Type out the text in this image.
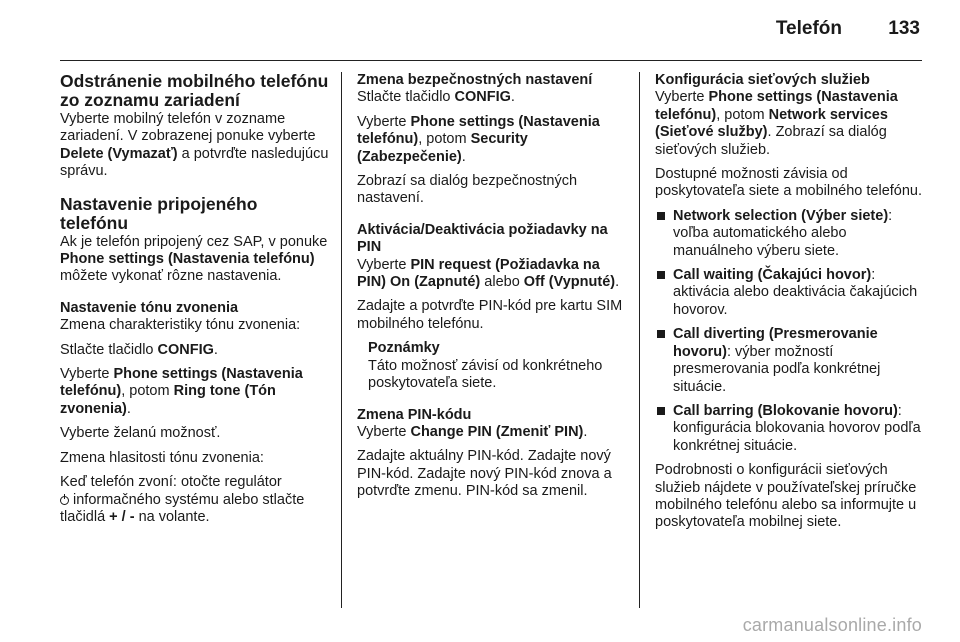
Telefón 133
Odstránenie mobilného telefónu zo zoznamu zariadení

Vyberte mobilný telefón v zozname zariadení. V zobrazenej ponuke vyberte Delete (Vymazať) a potvrďte nasledujúcu správu.

Nastavenie pripojeného telefónu

Ak je telefón pripojený cez SAP, v ponuke Phone settings (Nastavenia telefónu) môžete vykonať rôzne nastavenia.

Nastavenie tónu zvonenia

Zmena charakteristiky tónu zvonenia:

Stlačte tlačidlo CONFIG.

Vyberte Phone settings (Nastavenia telefónu), potom Ring tone (Tón zvonenia).

Vyberte želanú možnosť.

Zmena hlasitosti tónu zvonenia:

Keď telefón zvoní: otočte regulátor
informačného systému alebo stlačte tlačidlá + / - na volante.

Zmena bezpečnostných nastavení

Stlačte tlačidlo CONFIG.

Vyberte Phone settings (Nastavenia telefónu), potom Security (Zabezpečenie).

Zobrazí sa dialóg bezpečnostných nastavení.

Aktivácia/Deaktivácia požiadavky na PIN

Vyberte PIN request (Požiadavka na PIN) On (Zapnuté) alebo Off (Vypnuté).

Zadajte a potvrďte PIN-kód pre kartu SIM mobilného telefónu.

Poznámky
Táto možnosť závisí od konkrétneho poskytovateľa siete.
Zmena PIN-kódu

Vyberte Change PIN (Zmeniť PIN).

Zadajte aktuálny PIN-kód. Zadajte nový PIN-kód. Zadajte nový PIN-kód znova a potvrďte zmenu. PIN-kód sa zmenil.

Konfigurácia sieťových služieb

Vyberte Phone settings (Nastavenia telefónu), potom Network services (Sieťové služby). Zobrazí sa dialóg sieťových služieb.

Dostupné možnosti závisia od poskytovateľa siete a mobilného telefónu.

Network selection (Výber siete): voľba automatického alebo manuálneho výberu siete.
Call waiting (Čakajúci hovor): aktivácia alebo deaktivácia čakajúcich hovorov.
Call diverting (Presmerovanie hovoru): výber možností presmerovania podľa konkrétnej situácie.
Call barring (Blokovanie hovoru): konfigurácia blokovania hovorov podľa konkrétnej situácie.

Podrobnosti o konfigurácii sieťových služieb nájdete v používateľskej príručke mobilného telefónu alebo sa informujte u poskytovateľa mobilnej siete.

carmanualsonline.info
